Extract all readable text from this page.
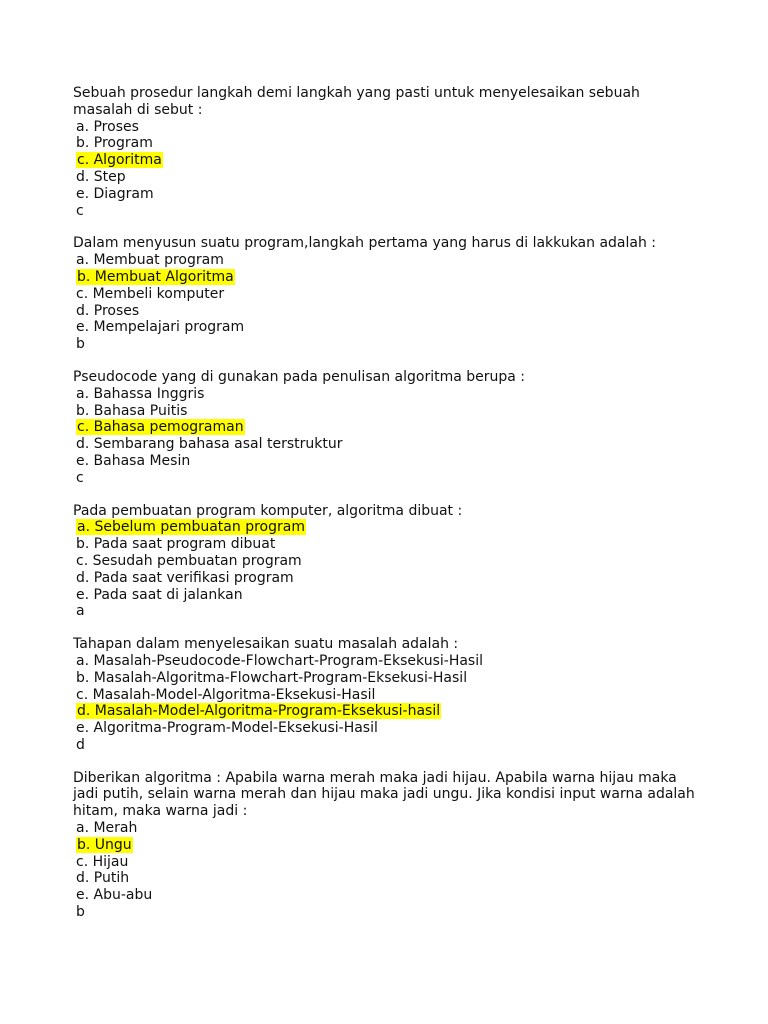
Sebuah prosedur langkah demi langkah yang pasti untuk menyelesaikan sebuah masalah di sebut :
a. Proses
b. Program
c. Algoritma
d. Step
e. Diagram
c
Dalam menyusun suatu program,langkah pertama yang harus di lakkukan adalah :
a. Membuat program
b. Membuat Algoritma
c. Membeli komputer
d. Proses
e. Mempelajari program
b
Pseudocode yang di gunakan pada penulisan algoritma berupa :
a. Bahassa Inggris
b. Bahasa Puitis
c. Bahasa pemograman
d. Sembarang bahasa asal terstruktur
e. Bahasa Mesin
c
Pada pembuatan program komputer, algoritma dibuat :
a. Sebelum pembuatan program
b. Pada saat program dibuat
c. Sesudah pembuatan program
d. Pada saat verifikasi program
e. Pada saat di jalankan
a
Tahapan dalam menyelesaikan suatu masalah adalah :
a. Masalah-Pseudocode-Flowchart-Program-Eksekusi-Hasil
b. Masalah-Algoritma-Flowchart-Program-Eksekusi-Hasil
c. Masalah-Model-Algoritma-Eksekusi-Hasil
d. Masalah-Model-Algoritma-Program-Eksekusi-hasil
e. Algoritma-Program-Model-Eksekusi-Hasil
d
Diberikan algoritma : Apabila warna merah maka jadi hijau. Apabila warna hijau maka jadi putih, selain warna merah dan hijau maka jadi ungu. Jika kondisi input warna adalah hitam, maka warna jadi :
a. Merah
b. Ungu
c. Hijau
d. Putih
e. Abu-abu
b
